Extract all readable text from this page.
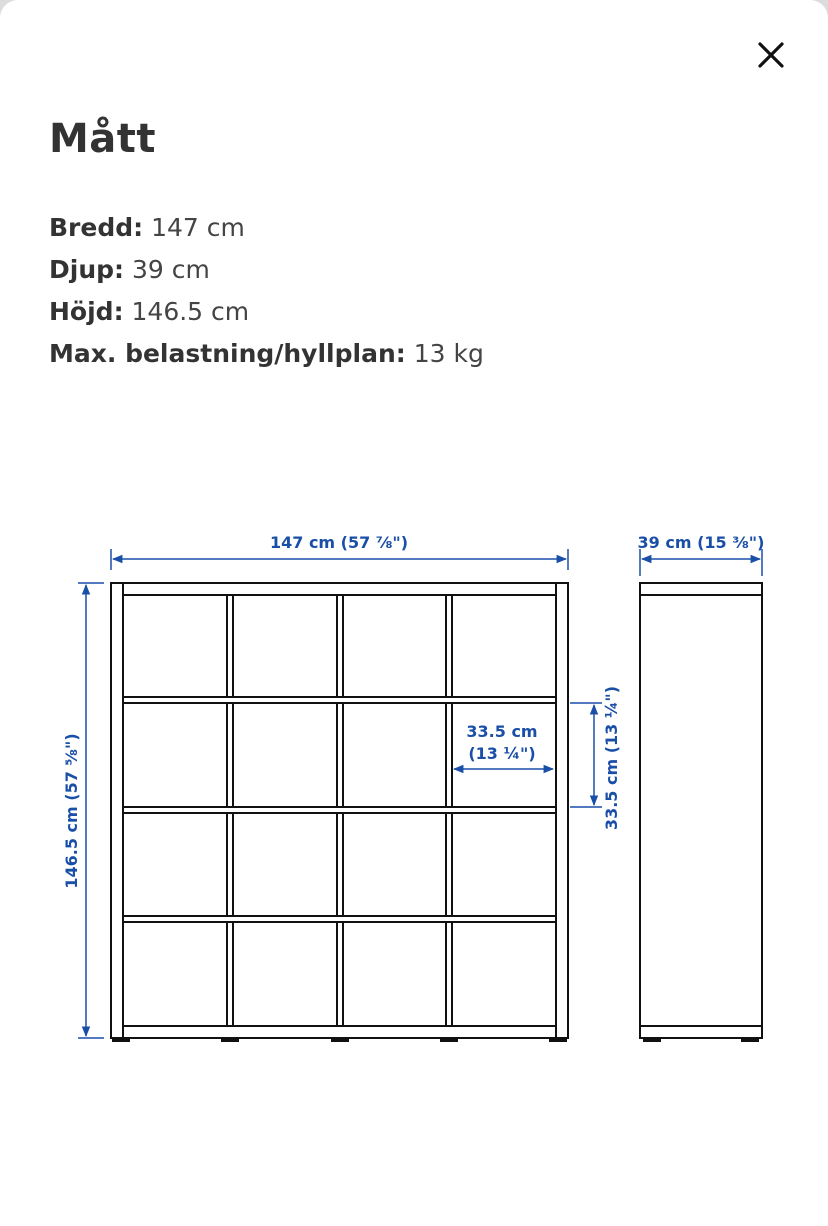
Mått
Bredd: 147 cm
Djup: 39 cm
Höjd: 146.5 cm
Max. belastning/hyllplan: 13 kg
147 cm (57 ⅞")	39 cm (15 ⅜")
146.5 cm (57 ⅝")
33.5 cm
(13 ¼")	33.5 cm (13 ¼")
